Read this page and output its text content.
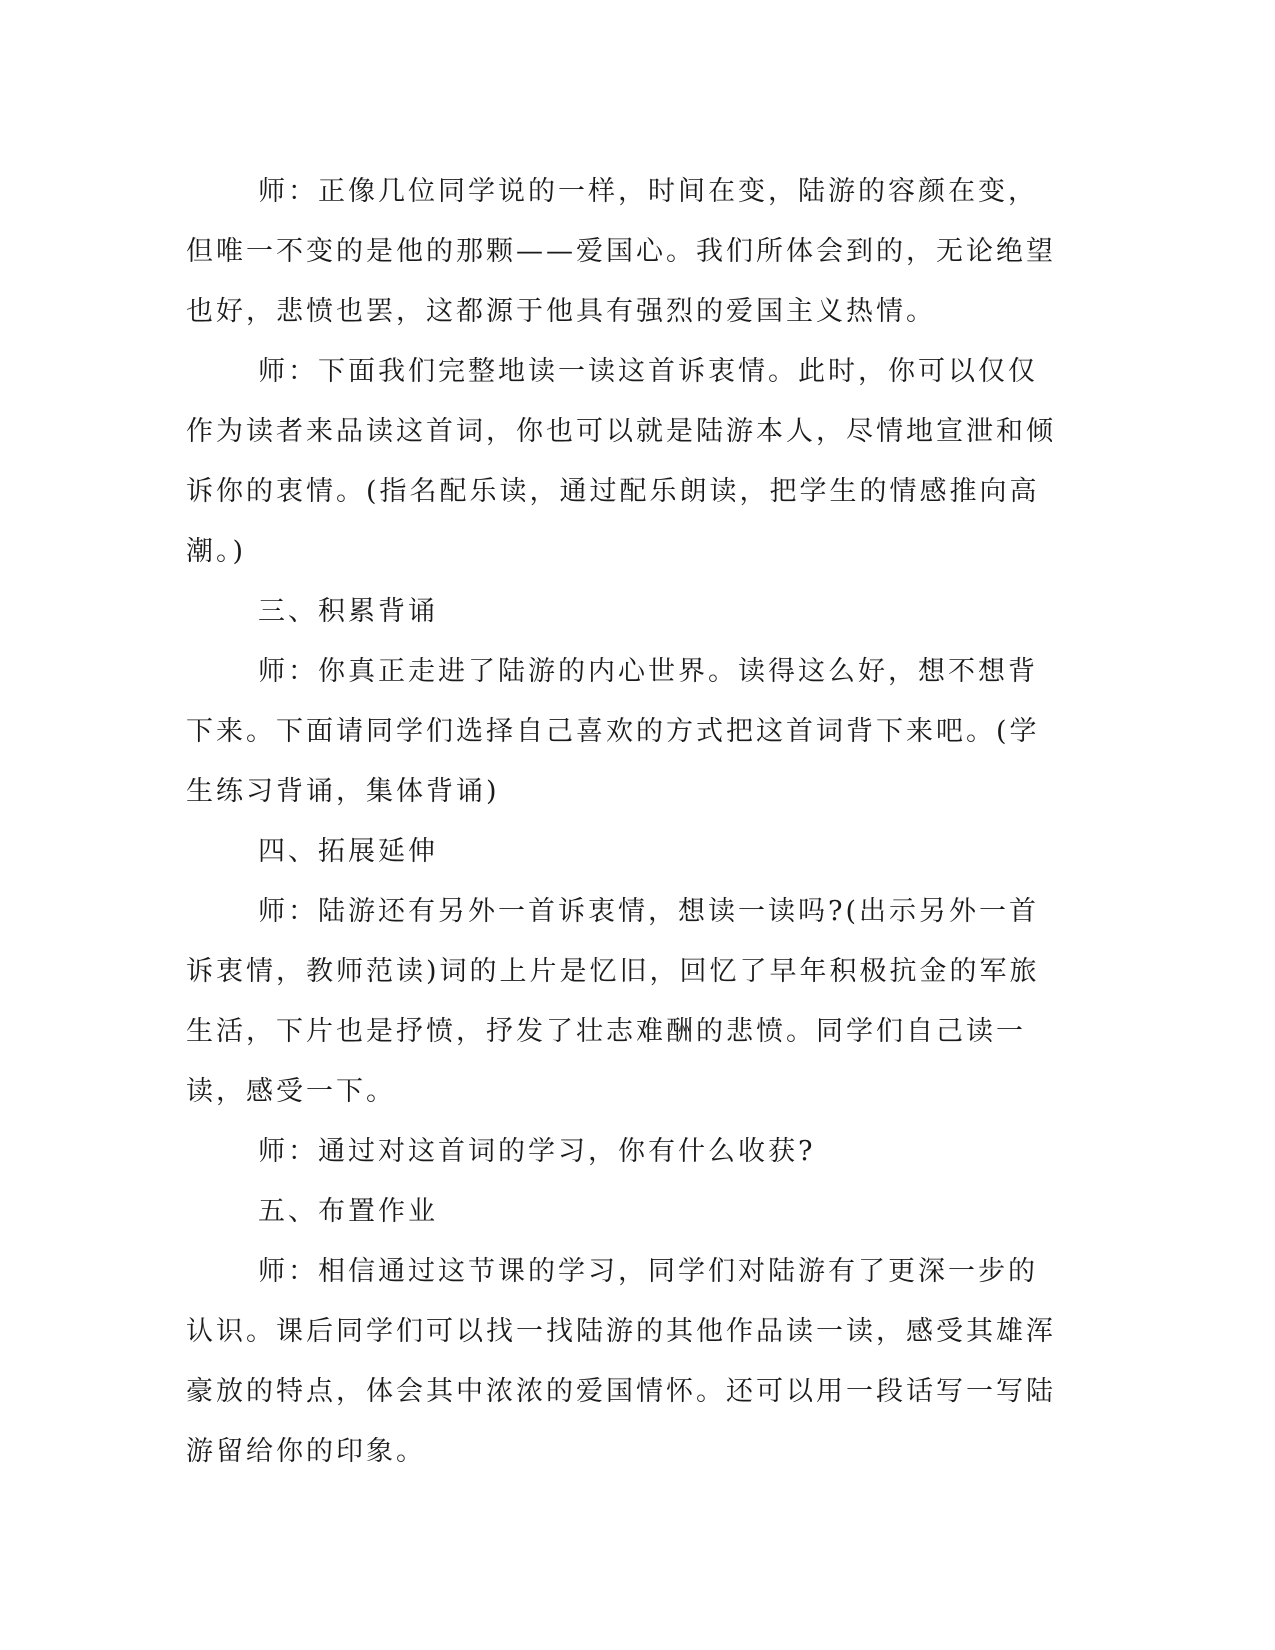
师：正像几位同学说的一样，时间在变，陆游的容颜在变，但唯一不变的是他的那颗——爱国心。我们所体会到的，无论绝望也好，悲愤也罢，这都源于他具有强烈的爱国主义热情。

师：下面我们完整地读一读这首诉衷情。此时，你可以仅仅作为读者来品读这首词，你也可以就是陆游本人，尽情地宣泄和倾诉你的衷情。(指名配乐读，通过配乐朗读，把学生的情感推向高潮。)

三、积累背诵

师：你真正走进了陆游的内心世界。读得这么好，想不想背下来。下面请同学们选择自己喜欢的方式把这首词背下来吧。(学生练习背诵，集体背诵)

四、拓展延伸

师：陆游还有另外一首诉衷情，想读一读吗?(出示另外一首诉衷情，教师范读)词的上片是忆旧，回忆了早年积极抗金的军旅生活，下片也是抒愤，抒发了壮志难酬的悲愤。同学们自己读一读，感受一下。

师：通过对这首词的学习，你有什么收获?

五、布置作业

师：相信通过这节课的学习，同学们对陆游有了更深一步的认识。课后同学们可以找一找陆游的其他作品读一读，感受其雄浑豪放的特点，体会其中浓浓的爱国情怀。还可以用一段话写一写陆游留给你的印象。
